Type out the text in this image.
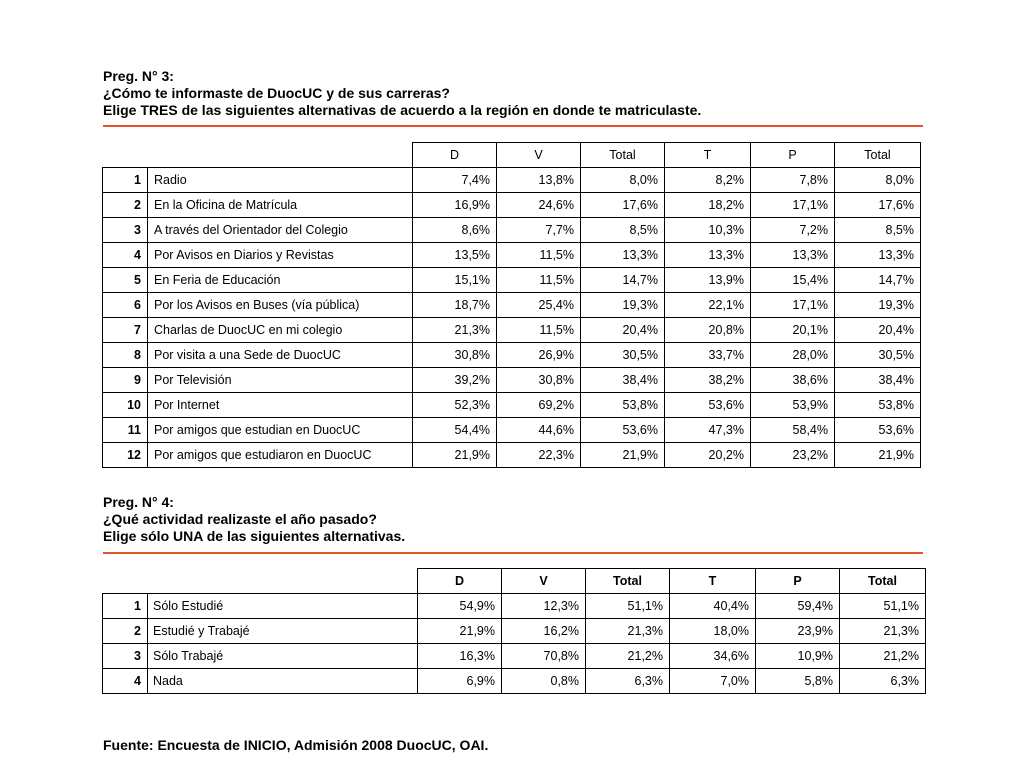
Preg. N° 3:

¿Cómo te informaste de DuocUC y de sus carreras?

Elige TRES de las siguientes alternativas de acuerdo a la región en donde te matriculaste.

		D	V	Total	T	P	Total
1	Radio	7,4%	13,8%	8,0%	8,2%	7,8%	8,0%
2	En la Oficina de Matrícula	16,9%	24,6%	17,6%	18,2%	17,1%	17,6%
3	A través del Orientador del Colegio	8,6%	7,7%	8,5%	10,3%	7,2%	8,5%
4	Por Avisos en Diarios y Revistas	13,5%	11,5%	13,3%	13,3%	13,3%	13,3%
5	En Feria de Educación	15,1%	11,5%	14,7%	13,9%	15,4%	14,7%
6	Por los Avisos en Buses (vía pública)	18,7%	25,4%	19,3%	22,1%	17,1%	19,3%
7	Charlas de DuocUC en mi colegio	21,3%	11,5%	20,4%	20,8%	20,1%	20,4%
8	Por visita a una Sede de DuocUC	30,8%	26,9%	30,5%	33,7%	28,0%	30,5%
9	Por Televisión	39,2%	30,8%	38,4%	38,2%	38,6%	38,4%
10	Por Internet	52,3%	69,2%	53,8%	53,6%	53,9%	53,8%
11	Por amigos que estudian en DuocUC	54,4%	44,6%	53,6%	47,3%	58,4%	53,6%
12	Por amigos que estudiaron en DuocUC	21,9%	22,3%	21,9%	20,2%	23,2%	21,9%

Preg. N° 4:

¿Qué actividad realizaste el año pasado?

Elige sólo UNA de las siguientes alternativas.

		D	V	Total	T	P	Total
1	Sólo Estudié	54,9%	12,3%	51,1%	40,4%	59,4%	51,1%
2	Estudié y Trabajé	21,9%	16,2%	21,3%	18,0%	23,9%	21,3%
3	Sólo Trabajé	16,3%	70,8%	21,2%	34,6%	10,9%	21,2%
4	Nada	6,9%	0,8%	6,3%	7,0%	5,8%	6,3%
Fuente: Encuesta de INICIO, Admisión 2008 DuocUC, OAI.
